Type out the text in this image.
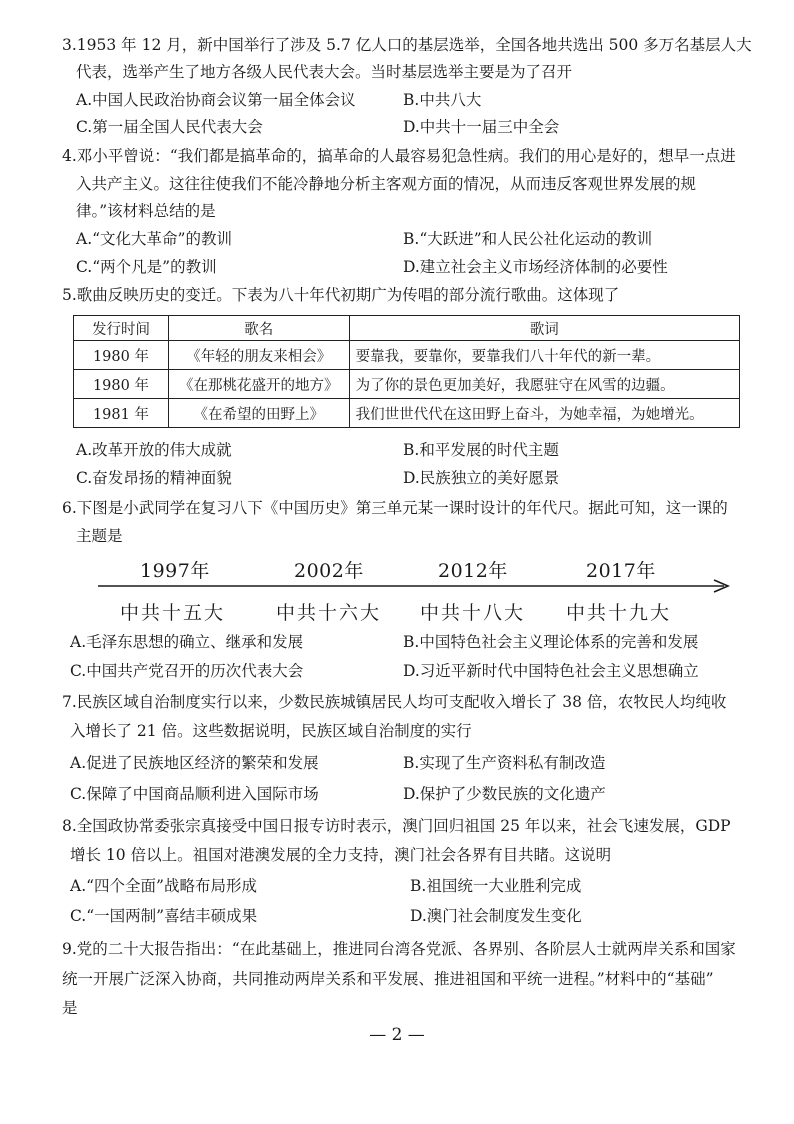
3.1953 年 12 月，新中国举行了涉及 5.7 亿人口的基层选举，全国各地共选出 500 多万名基层人大
代表，选举产生了地方各级人民代表大会。当时基层选举主要是为了召开
A.中国人民政治协商会议第一届全体会议	B.中共八大
C.第一届全国人民代表大会	D.中共十一届三中全会
4.邓小平曾说：“我们都是搞革命的，搞革命的人最容易犯急性病。我们的用心是好的，想早一点进
入共产主义。这往往使我们不能冷静地分析主客观方面的情况，从而违反客观世界发展的规
律。”该材料总结的是
A.“文化大革命”的教训	B.“大跃进”和人民公社化运动的教训
C.“两个凡是”的教训	D.建立社会主义市场经济体制的必要性
5.歌曲反映历史的变迁。下表为八十年代初期广为传唱的部分流行歌曲。这体现了
发行时间	歌名	歌词
1980 年	《年轻的朋友来相会》	要靠我，要靠你，要靠我们八十年代的新一辈。
1980 年	《在那桃花盛开的地方》	为了你的景色更加美好，我愿驻守在风雪的边疆。
1981 年	《在希望的田野上》	我们世世代代在这田野上奋斗，为她幸福，为她增光。
A.改革开放的伟大成就	B.和平发展的时代主题
C.奋发昂扬的精神面貌	D.民族独立的美好愿景
6.下图是小武同学在复习八下《中国历史》第三单元某一课时设计的年代尺。据此可知，这一课的
主题是
1997年	2002年	2012年	2017年
中共十五大	中共十六大 中共十八大 中共十九大
A.毛泽东思想的确立、继承和发展	B.中国特色社会主义理论体系的完善和发展
C.中国共产党召开的历次代表大会	D.习近平新时代中国特色社会主义思想确立
7.民族区域自治制度实行以来，少数民族城镇居民人均可支配收入增长了 38 倍，农牧民人均纯收
入增长了 21 倍。这些数据说明，民族区域自治制度的实行
A.促进了民族地区经济的繁荣和发展	B.实现了生产资料私有制改造
C.保障了中国商品顺利进入国际市场	D.保护了少数民族的文化遗产
8.全国政协常委张宗真接受中国日报专访时表示，澳门回归祖国 25 年以来，社会飞速发展，GDP
增长 10 倍以上。祖国对港澳发展的全力支持，澳门社会各界有目共睹。这说明
A.“四个全面”战略布局形成	B.祖国统一大业胜利完成
C.“一国两制”喜结丰硕成果	D.澳门社会制度发生变化
9.党的二十大报告指出：“在此基础上，推进同台湾各党派、各界别、各阶层人士就两岸关系和国家
统一开展广泛深入协商，共同推动两岸关系和平发展、推进祖国和平统一进程。”材料中的“基础”
是
— 2 —
